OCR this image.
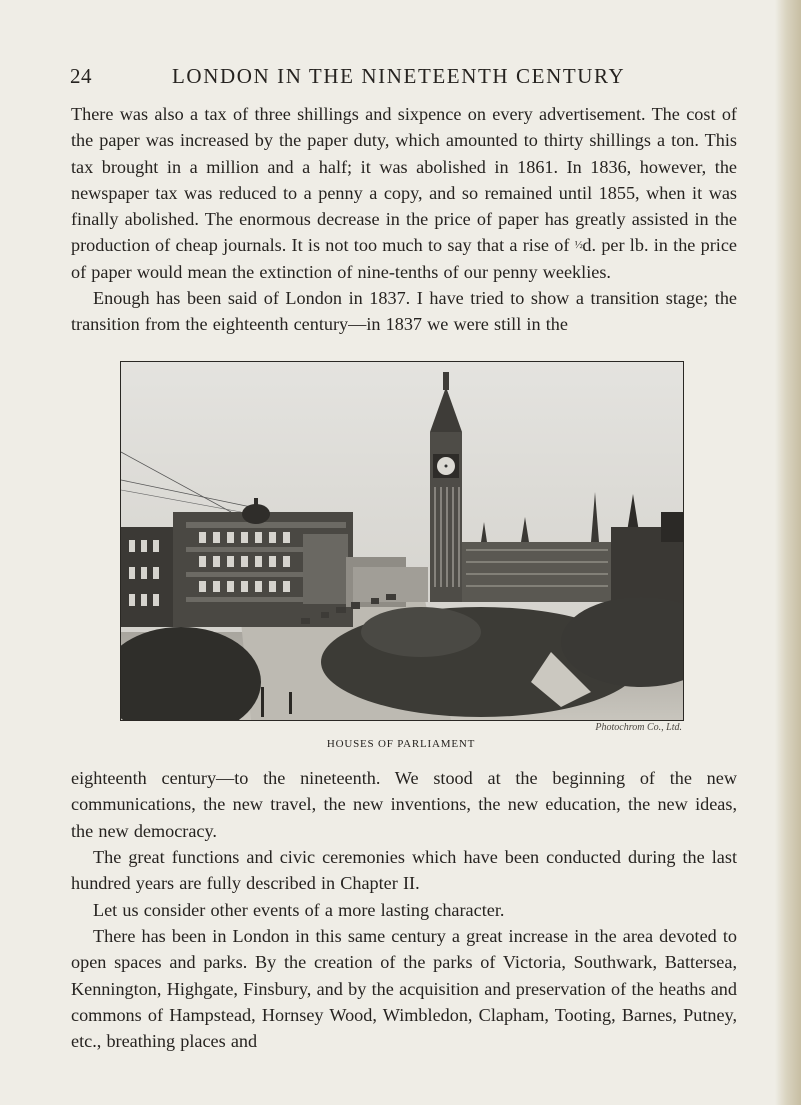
24	LONDON IN THE NINETEENTH CENTURY

There was also a tax of three shillings and sixpence on every advertisement. The cost of the paper was increased by the paper duty, which amounted to thirty shillings a ton. This tax brought in a million and a half; it was abolished in 1861. In 1836, however, the newspaper tax was reduced to a penny a copy, and so remained until 1855, when it was finally abolished. The enormous decrease in the price of paper has greatly assisted in the production of cheap journals. It is not too much to say that a rise of ½d. per lb. in the price of paper would mean the extinction of nine-tenths of our penny weeklies.

Enough has been said of London in 1837. I have tried to show a transition stage; the transition from the eighteenth century—in 1837 we were still in the

Photochrom Co., Ltd.
HOUSES OF PARLIAMENT

eighteenth century—to the nineteenth. We stood at the beginning of the new communications, the new travel, the new inventions, the new education, the new ideas, the new democracy.

The great functions and civic ceremonies which have been conducted during the last hundred years are fully described in Chapter II.

Let us consider other events of a more lasting character.

There has been in London in this same century a great increase in the area devoted to open spaces and parks. By the creation of the parks of Victoria, Southwark, Battersea, Kennington, Highgate, Finsbury, and by the acquisition and preservation of the heaths and commons of Hampstead, Hornsey Wood, Wimbledon, Clapham, Tooting, Barnes, Putney, etc., breathing places and
